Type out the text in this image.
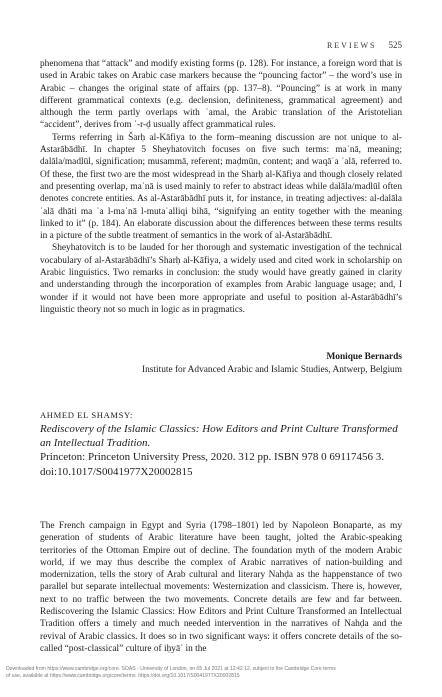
REVIEWS 525

phenomena that “attack” and modify existing forms (p. 128). For instance, a foreign word that is used in Arabic takes on Arabic case markers because the “pouncing factor” – the word’s use in Arabic – changes the original state of affairs (pp. 137–8). “Pouncing” is at work in many different grammatical contexts (e.g. declension, definiteness, grammatical agreement) and although the term partly overlaps with ʿamal, the Arabic translation of the Aristotelian “accident”, derives from ʿ-r-ḍ usually affect grammatical rules.

Terms referring in Šarḥ al-Kāfiya to the form–meaning discussion are not unique to al-Astarābādhī. In chapter 5 Sheyhatovitch focuses on five such terms: maʿnā, meaning; dalāla/madlūl, signification; musammā, referent; maḍmūn, content; and waqāʿa ʿalā, referred to. Of these, the first two are the most widespread in the Sharḥ al-Kāfiya and though closely related and presenting overlap, maʿnā is used mainly to refer to abstract ideas while dalāla/madlūl often denotes concrete entities. As al-Astarābādhī puts it, for instance, in treating adjectives: al-dalāla ʿalā dhāti ma ʿa l-maʿnā l-mutaʿalliqi bihā, “signifying an entity together with the meaning linked to it” (p. 184). An elaborate discussion about the differences between these terms results in a picture of the subtle treatment of semantics in the work of al-Astarābādhī.

Sheyhatovitch is to be lauded for her thorough and systematic investigation of the technical vocabulary of al-Astarābādhī’s Sharḥ al-Kāfiya, a widely used and cited work in scholarship on Arabic linguistics. Two remarks in conclusion: the study would have greatly gained in clarity and understanding through the incorporation of examples from Arabic language usage; and, I wonder if it would not have been more appropriate and useful to position al-Astarābādhī’s linguistic theory not so much in logic as in pragmatics.

Monique Bernards
Institute for Advanced Arabic and Islamic Studies, Antwerp, Belgium
AHMED EL SHAMSY:
Rediscovery of the Islamic Classics: How Editors and Print Culture Transformed an Intellectual Tradition.
Princeton: Princeton University Press, 2020. 312 pp. ISBN 978 0 69117456 3.
doi:10.1017/S0041977X20002815

The French campaign in Egypt and Syria (1798–1801) led by Napoleon Bonaparte, as my generation of students of Arabic literature have been taught, jolted the Arabic-speaking territories of the Ottoman Empire out of decline. The foundation myth of the modern Arabic world, if we may thus describe the complex of Arabic narratives of nation-building and modernization, tells the story of Arab cultural and literary Nahḍa as the happenstance of two parallel but separate intellectual movements: Westernization and classicism. There is, however, next to no traffic between the two movements. Concrete details are few and far between. Rediscovering the Islamic Classics: How Editors and Print Culture Transformed an Intellectual Tradition offers a timely and much needed intervention in the narratives of Nahḍa and the revival of Arabic classics. It does so in two significant ways: it offers concrete details of the so-called “post-classical” culture of iḥyāʾ in the

Downloaded from https://www.cambridge.org/core. SOAS - University of London, on 05 Jul 2021 at 12:42:12, subject to the Cambridge Core terms
of use, available at https://www.cambridge.org/core/terms. https://doi.org/10.1017/S0041977X20002815
